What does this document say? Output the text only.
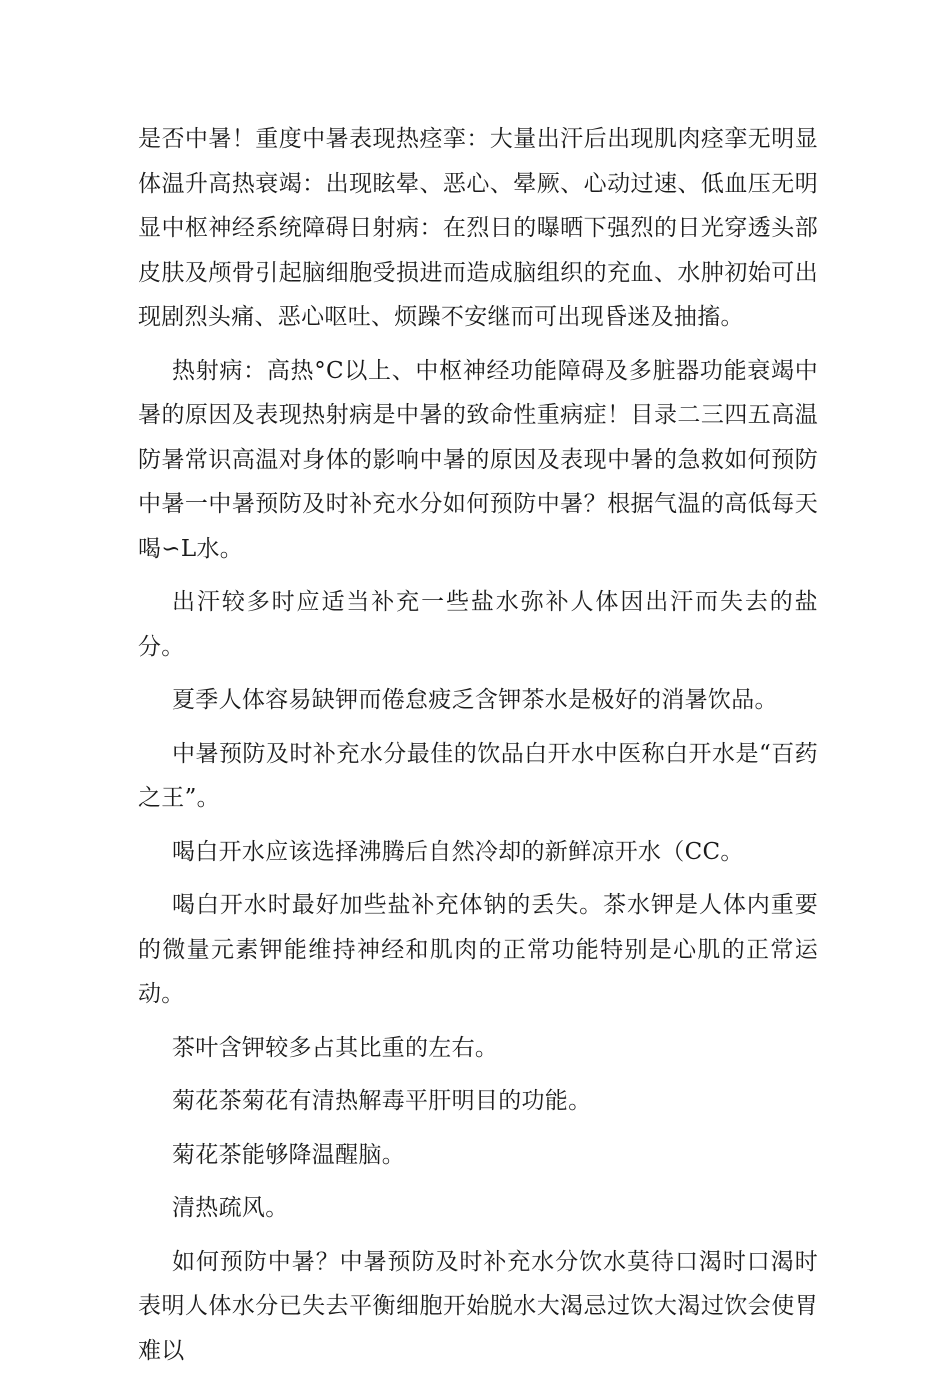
是否中暑！重度中暑表现热痉挛：大量出汗后出现肌肉痉挛无明显体温升高热衰竭：出现眩晕、恶心、晕厥、心动过速、低血压无明显中枢神经系统障碍日射病：在烈日的曝晒下强烈的日光穿透头部皮肤及颅骨引起脑细胞受损进而造成脑组织的充血、水肿初始可出现剧烈头痛、恶心呕吐、烦躁不安继而可出现昏迷及抽搐。

热射病：高热°C以上、中枢神经功能障碍及多脏器功能衰竭中暑的原因及表现热射病是中暑的致命性重病症！目录二三四五高温防暑常识高温对身体的影响中暑的原因及表现中暑的急救如何预防中暑一中暑预防及时补充水分如何预防中暑？根据气温的高低每天喝∽L水。

出汗较多时应适当补充一些盐水弥补人体因出汗而失去的盐分。

夏季人体容易缺钾而倦怠疲乏含钾茶水是极好的消暑饮品。

中暑预防及时补充水分最佳的饮品白开水中医称白开水是“百药之王”。

喝白开水应该选择沸腾后自然冷却的新鲜凉开水（CC。

喝白开水时最好加些盐补充体钠的丢失。茶水钾是人体内重要的微量元素钾能维持神经和肌肉的正常功能特别是心肌的正常运动。

茶叶含钾较多占其比重的左右。

菊花茶菊花有清热解毒平肝明目的功能。

菊花茶能够降温醒脑。

清热疏风。

如何预防中暑？中暑预防及时补充水分饮水莫待口渴时口渴时表明人体水分已失去平衡细胞开始脱水大渴忌过饮大渴过饮会使胃难以
